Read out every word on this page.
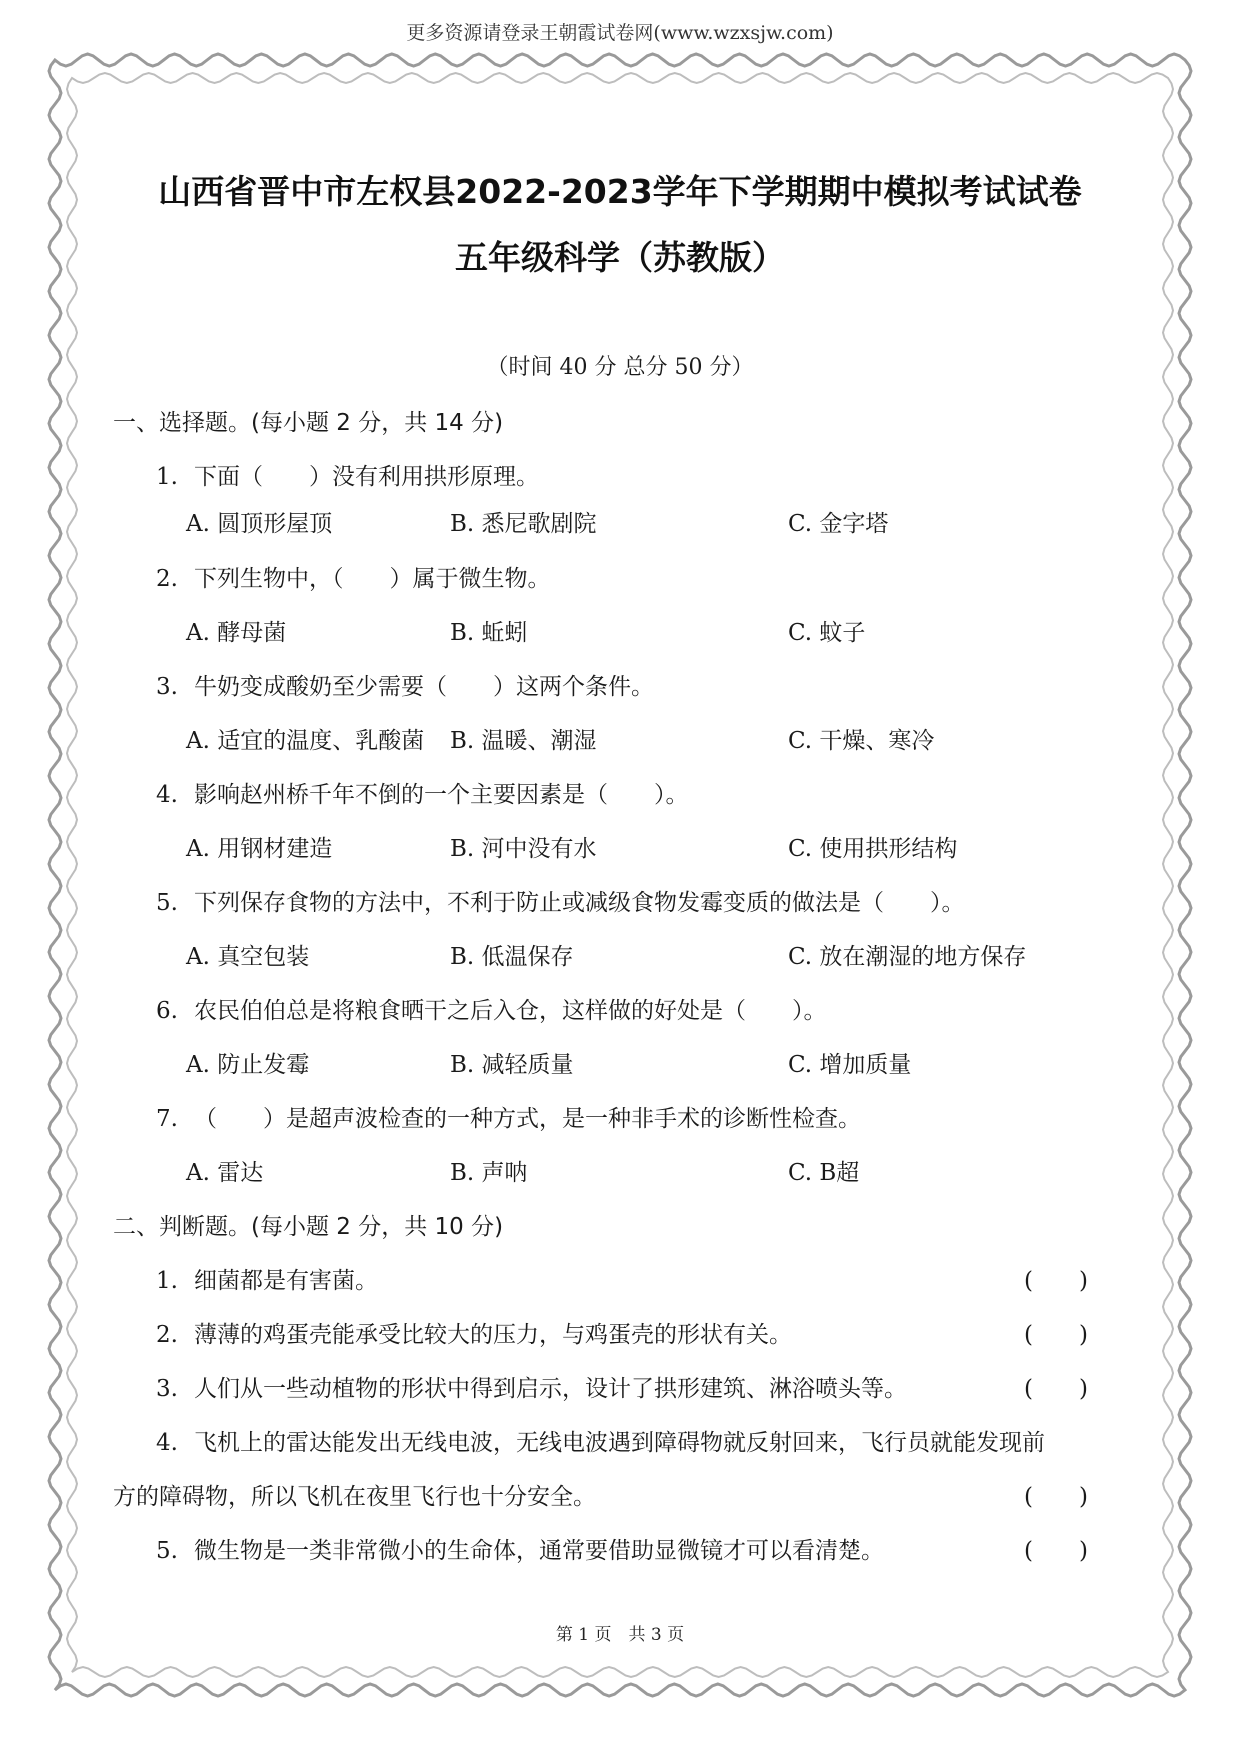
更多资源请登录王朝霞试卷网(www.wzxsjw.com)
山西省晋中市左权县2022-2023学年下学期期中模拟考试试卷
五年级科学（苏教版）
（时间 40 分 总分 50 分）
一、选择题。(每小题 2 分，共 14 分)
1. 下面（　　）没有利用拱形原理。
A. 圆顶形屋顶	B. 悉尼歌剧院	C. 金字塔
2. 下列生物中，（　　）属于微生物。
A. 酵母菌	B. 蚯蚓	C. 蚊子
3. 牛奶变成酸奶至少需要（　　）这两个条件。
A. 适宜的温度、乳酸菌 B. 温暖、潮湿	C. 干燥、寒冷
4. 影响赵州桥千年不倒的一个主要因素是（　　）。
A. 用钢材建造	B. 河中没有水	C. 使用拱形结构
5. 下列保存食物的方法中，不利于防止或减级食物发霉变质的做法是（　　）。
A. 真空包装	B. 低温保存	C. 放在潮湿的地方保存
6. 农民伯伯总是将粮食晒干之后入仓，这样做的好处是（　　）。
A. 防止发霉	B. 减轻质量	C. 增加质量
7. （　　）是超声波检查的一种方式，是一种非手术的诊断性检查。
A. 雷达	B. 声呐	C. B超
二、判断题。(每小题 2 分，共 10 分)
1. 细菌都是有害菌。	(　　)
2. 薄薄的鸡蛋壳能承受比较大的压力，与鸡蛋壳的形状有关。	(　　)
3. 人们从一些动植物的形状中得到启示，设计了拱形建筑、淋浴喷头等。	(　　)
4. 飞机上的雷达能发出无线电波，无线电波遇到障碍物就反射回来，飞行员就能发现前
方的障碍物，所以飞机在夜里飞行也十分安全。	(　　)
5. 微生物是一类非常微小的生命体，通常要借助显微镜才可以看清楚。	(　　)
第 1 页　共 3 页
